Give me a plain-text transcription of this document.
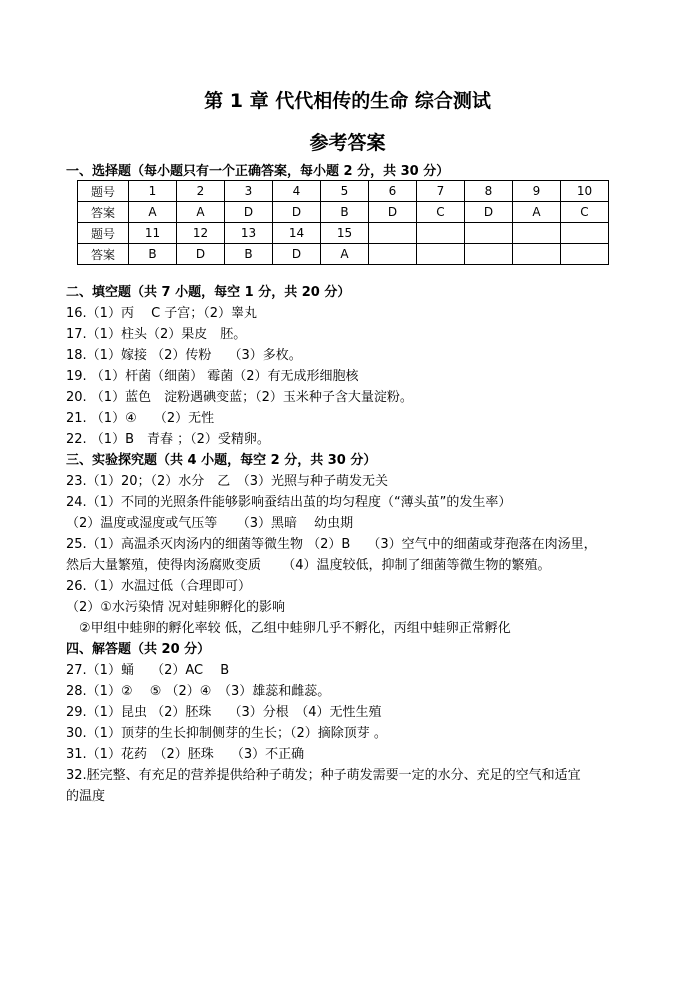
第 1 章 代代相传的生命 综合测试
参考答案
一、选择题（每小题只有一个正确答案，每小题 2 分，共 30 分）
题号	1	2	3	4	5	6	7	8	9	10
答案	A	A	D	D	B	D	C	D	A	C
题号	11	12	13	14	15					
答案	B	D	B	D	A					
二、填空题（共 7 小题，每空 1 分，共 20 分）
16.（1）丙　 C 子宫；（2）睾丸
17.（1）柱头（2）果皮　胚。
18.（1）嫁接 （2）传粉　 （3）多枚。
19. （1）杆菌（细菌） 霉菌（2）有无成形细胞核
20. （1）蓝色　淀粉遇碘变蓝；（2）玉米种子含大量淀粉。
21. （1）④　 （2）无性
22. （1）B　青春 ；（2）受精卵。
三、实验探究题（共 4 小题，每空 2 分，共 30 分）
23.（1）20；（2）水分　乙　（3）光照与种子萌发无关
24.（1）不同的光照条件能够影响蚕结出茧的均匀程度（“薄头茧”的发生率）
（2）温度或湿度或气压等　　（3）黑暗　 幼虫期
25.（1）高温杀灭肉汤内的细菌等微生物 （2）B　 （3）空气中的细菌或芽孢落在肉汤里，
然后大量繁殖，使得肉汤腐败变质 　 （4）温度较低，抑制了细菌等微生物的繁殖。
26.（1）水温过低（合理即可）
（2）①水污染情 况对蛙卵孵化的影响
　②甲组中蛙卵的孵化率较 低，乙组中蛙卵几乎不孵化，丙组中蛙卵正常孵化
四、解答题（共 20 分）
27.（1）蛹　 （2）AC　 B
28.（1）②　 ⑤ （2）④　（3）雄蕊和雌蕊。
29.（1）昆虫 （2）胚珠　 （3）分根　（4）无性生殖
30.（1）顶芽的生长抑制侧芽的生长；（2）摘除顶芽 。
31.（1）花药　（2）胚珠　 （3）不正确
32.胚完整、有充足的营养提供给种子萌发；种子萌发需要一定的水分、充足的空气和适宜
的温度
